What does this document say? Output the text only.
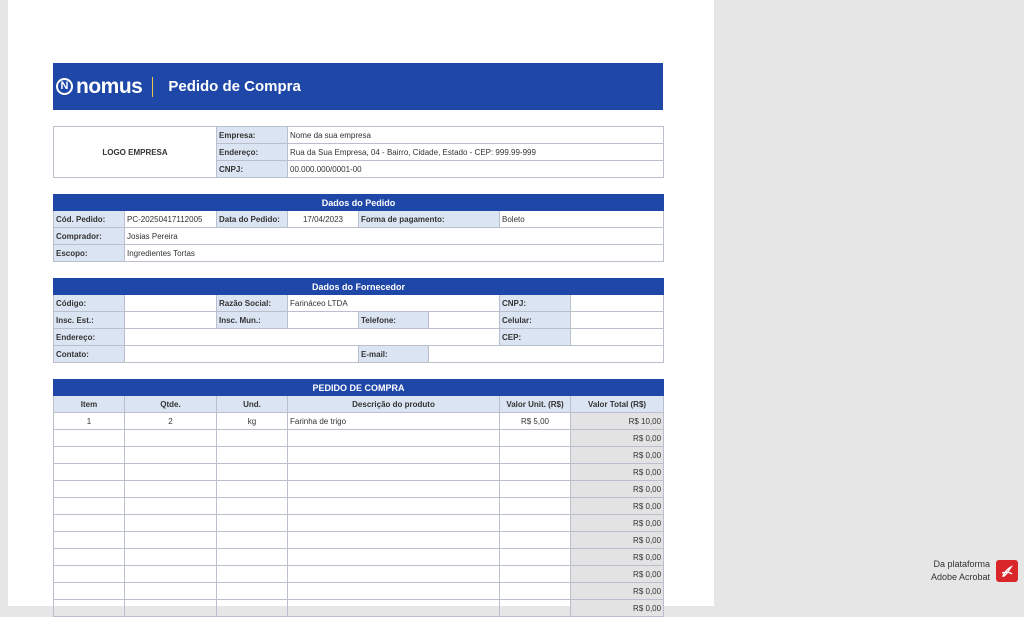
N nomus Pedido de Compra
LOGO EMPRESA	Empresa:	Nome da sua empresa
	Endereço:	Rua da Sua Empresa, 04 - Bairro, Cidade, Estado - CEP: 999.99-999
	CNPJ:	00.000.000/0001-00
Dados do Pedido					
Cód. Pedido:	PC-20250417112005	Data do Pedido:	17/04/2023	Forma de pagamento:	Boleto
Comprador:	Josias Pereira				
Escopo:	Ingredientes Tortas				
Dados do Fornecedor							
Código:		Razão Social:	Farináceo LTDA			CNPJ:	
Insc. Est.:		Insc. Mun.:		Telefone:		Celular:	
Endereço:						CEP:	
Contato:				E-mail:			
PEDIDO DE COMPRA					
Item	Qtde.	Und.	Descrição do produto	Valor Unit. (R$)	Valor Total (R$)
1	2	kg	Farinha de trigo	R$ 5,00	R$ 10,00
					R$ 0,00
					R$ 0,00
					R$ 0,00
					R$ 0,00
					R$ 0,00
					R$ 0,00
					R$ 0,00
					R$ 0,00
					R$ 0,00
					R$ 0,00
					R$ 0,00
Da plataforma
Adobe Acrobat
